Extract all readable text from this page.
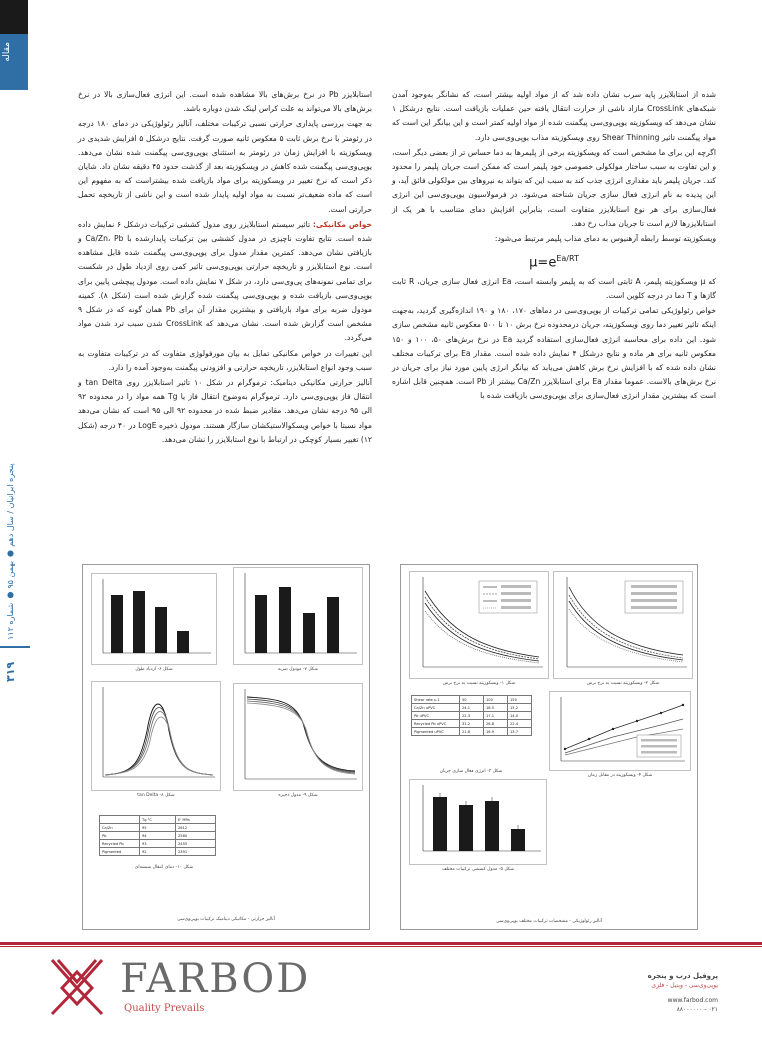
مقاله
پنجره ایرانیان / سال دهم ● بهمن ۹۵ ● شماره ۱۱۲
۳۱۹

شده از استابلایزر پایه سرب نشان داده شد که از مواد اولیه بیشتر است، که نشانگر به‌وجود آمدن شبکه‌های CrossLink مازاد ناشی از حرارت انتقال یافته حین عملیات بازیافت است. نتایج درشکل ۱ نشان می‌دهد که ویسکوزیته یوپی‌وی‌سی پیگمنت شده از مواد اولیه کمتر است و این بیانگر این است که مواد پیگمنت تاثیر Shear Thinning روی ویسکوزیته مذاب یوپی‌وی‌سی دارد.

اگرچه این برای ما مشخص است که ویسکوزیته برخی از پلیمرها به دما حساس تر از بعضی دیگر است، و این تفاوت به سبب ساختار مولکولی خصوصی خود پلیمر است که ممکن است جریان پلیمر را محدود کند. جریان پلیمر باید مقداری انرژی جذب کند به سبب این که بتواند به نیروهای بین مولکولی فائق آید، و این پدیده به نام انرژی فعال سازی جریان شناخته می‌شود. در فرمولاسیون یوپی‌وی‌سی این انرژی فعال‌سازی برای هر نوع استابلایزر متفاوت است، بنابراین افزایش دمای متناسب با هر یک از استابلایزرها لازم است تا جریان مذاب رخ دهد.

ویسکوزیته توسط رابطه آرهنیوس به دمای مذاب پلیمر مرتبط می‌شود:

$\mu=e^{Ea/RT}$

که μ ویسکوزیته پلیمر، A ثابتی است که به پلیمر وابسته است، Ea انرژی فعال سازی جریان، R ثابت گازها و T دما در درجه کلوین است.

خواص رئولوژیکی تمامی ترکیبات از یوپی‌وی‌سی در دماهای ۱۷۰، ۱۸۰ و ۱۹۰ اندازه‌گیری گردید، به‌جهت اینکه تاثیر تغییر دما روی ویسکوزیته، جریان درمحدوده نرخ برش ۱۰ تا ۵۰۰ معکوس ثانیه مشخص سازی شود. این داده برای محاسبه انرژی فعال‌سازی استفاده گردید Ea در نرخ برش‌های ۵۰، ۱۰۰ و ۱۵۰ معکوس ثانیه برای هر ماده و نتایج درشکل ۴ نمایش داده شده است. مقدار Ea برای ترکیبات مختلف نشان داده شده که با افزایش نرخ برش کاهش می‌یابد که بیانگر انرژی پایین مورد نیاز برای جریان در نرخ برش‌های بالاست. عموما مقدار Ea برای استابلایزر Ca/Zn بیشتر از Pb است. همچنین قابل اشاره است که بیشترین مقدار انرژی فعال‌سازی برای یوپی‌وی‌سی بازیافت شده با

استابلایزر Pb در نرخ برش‌های بالا مشاهده شده است. این انرژی فعال‌سازی بالا در نرخ برش‌های بالا می‌تواند به علت کراس لینک شدن دوباره باشد.

به جهت بررسی پایداری حرارتی نسبی ترکیبات مختلف، آنالیز رئولوژیکی در دمای ۱۸۰ درجه در رئومتر با نرخ برش ثابت ۵ معکوس ثانیه صورت گرفت. نتایج درشکل ۵ افزایش شدیدی در ویسکوزیته با افزایش زمان در رئومتر به استثنای یوپی‌وی‌سی پیگمنت شده نشان می‌دهد. یوپی‌وی‌سی پیگمنت شده کاهش در ویسکوزیته بعد از گذشت حدود ۴۵ دقیقه نشان داد. شایان ذکر است که نرخ تغییر در ویسکوزیته برای مواد بازیافت شده بیشتراست که به مفهوم این است که ماده ضعیف‌تر نسبت به مواد اولیه پایدار شده است و این ناشی از تاریخچه تحمل حرارتی است.

خواص مکانیکی: تاثیر سیستم استابلایزر روی مدول کششی ترکیبات درشکل ۶ نمایش داده شده است. نتایج تفاوت ناچیزی در مدول کششی بین ترکیبات پایدارشده با Ca/Zn، Pb و بازیافتی نشان می‌دهد. کمترین مقدار مدول برای یوپی‌وی‌سی پیگمنت شده قابل مشاهده است. نوع استابلایزر و تاریخچه حرارتی یوپی‌وی‌سی تاثیر کمی روی ازدیاد طول در شکست برای تمامی نمونه‌های پی‌وی‌سی دارد، در شکل ۷ نمایش داده است. مودول پیچشی پایین برای یوپی‌وی‌سی بازیافت شده و یوپی‌وی‌سی پیگمنت شده گزارش شده است (شکل ۸). کمینه مودول ضربه برای مواد بازیافتی و بیشترین مقدار آن برای Pb همان گونه که در شکل ۹ مشخص است گزارش شده است. نشان می‌دهد که CrossLink شدن سبب ترد شدن مواد می‌گردد.

این تغییرات در خواص مکانیکی تمایل به بیان مورفولوژی متفاوت که در ترکیبات متفاوت به سبب وجود انواع استابلایزر، تاریخچه حرارتی و افزودنی پیگمنت به‌وجود آمده را دارد.

آنالیز حرارتی مکانیکی دینامیک: ترموگرام در شکل ۱۰ تاثیر استابلایزر روی tan Delta و انتقال فاز یوپی‌وی‌سی دارد. ترموگرام به‌وضوح انتقال فاز یا Tg همه مواد را در محدوده ۹۲ الی ۹۵ درجه نشان می‌دهد. مقادیر ضبط شده در محدوده ۹۲ الی ۹۵ است که نشان می‌دهد مواد نسبتا با خواص ویسکوالاستیکشان سازگار هستند. مودول ذخیره LogE در ۴۰ درجه (شکل ۱۲) تغییر بسیار کوچکی در ارتباط با نوع استابلایزر را نشان می‌دهد.

شکل ۱- ویسکوزیته نسبت به نرخ برش	شکل ۲- ویسکوزیته نسبت به نرخ برش
Shear rate s-1	50	100	150
Ca/Zn uPVC	24.1	18.5	15.2
Pb uPVC	22.3	17.1	14.0
Recycled Pb uPVC	31.2	26.8	22.4
Pigmented uPVC	21.8	16.9	13.7
شکل ۳- انرژی فعال سازی جریان
شکل ۴- ویسکوزیته در مقابل زمان
شکل ۵- مدول کششی ترکیبات مختلف
آنالیز رئولوژیکی - مشخصات ترکیبات مختلف یوپی‌وی‌سی
شکل ۶- ازدیاد طول	شکل ۷- مودول ضربه
شکل ۸- tan Delta	شکل ۹- مدول ذخیره
	Tg °C	E' MPa
Ca/Zn	95	2612
Pb	94	2580
Recycled Pb	93	2455
Pigmented	92	2391
شکل ۱۰- دمای انتقال شیشه‌ای
آنالیز حرارتی - مکانیکی دینامیک ترکیبات یوپی‌وی‌سی
FARBOD
Quality Prevails
پروفیل درب و پنجره
یوپی‌وی‌سی - وینیل - فلزی
www.farbod.com
۰۲۱ - ۸۸۰۰۰۰۰۰
